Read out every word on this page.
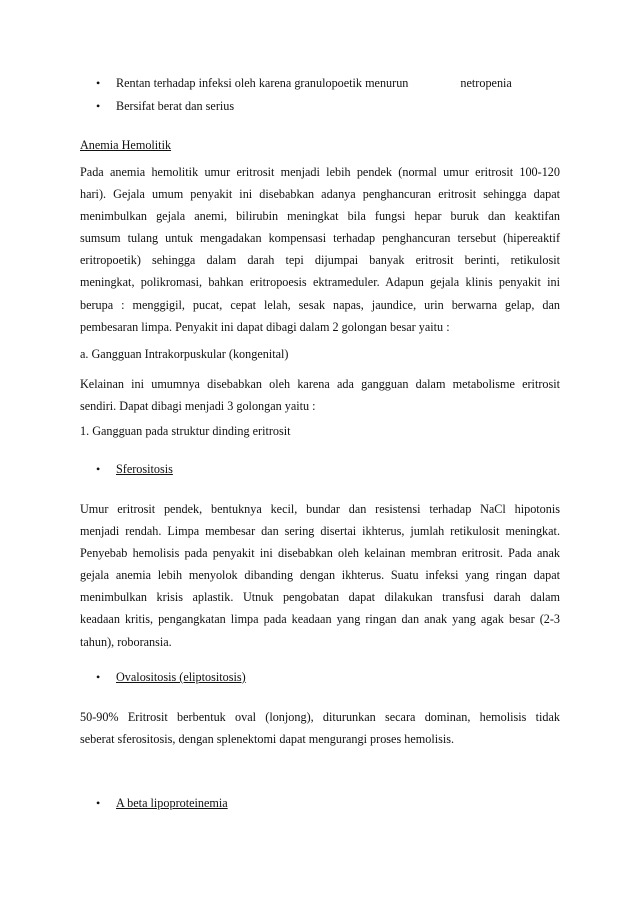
•Rentan terhadap infeksi oleh karena granulopoetik menurun	netropenia
•Bersifat berat dan serius

Anemia Hemolitik

Pada anemia hemolitik umur eritrosit menjadi lebih pendek (normal umur eritrosit 100-120

hari). Gejala umum penyakit ini disebabkan adanya penghancuran eritrosit sehingga dapat

menimbulkan gejala anemi, bilirubin meningkat bila fungsi hepar buruk dan keaktifan

sumsum tulang untuk mengadakan kompensasi terhadap penghancuran tersebut (hipereaktif

eritropoetik) sehingga dalam darah tepi dijumpai banyak eritrosit berinti, retikulosit

meningkat, polikromasi, bahkan eritropoesis ektrameduler. Adapun gejala klinis penyakit ini

berupa : menggigil, pucat, cepat lelah, sesak napas, jaundice, urin berwarna gelap, dan

pembesaran limpa. Penyakit ini dapat dibagi dalam 2 golongan besar yaitu :

a. Gangguan Intrakorpuskular (kongenital)

Kelainan ini umumnya disebabkan oleh karena ada gangguan dalam metabolisme eritrosit

sendiri. Dapat dibagi menjadi 3 golongan yaitu :

1. Gangguan pada struktur dinding eritrosit

•Sferositosis

Umur eritrosit pendek, bentuknya kecil, bundar dan resistensi terhadap NaCl hipotonis

menjadi rendah. Limpa membesar dan sering disertai ikhterus, jumlah retikulosit meningkat.

Penyebab hemolisis pada penyakit ini disebabkan oleh kelainan membran eritrosit. Pada anak

gejala anemia lebih menyolok dibanding dengan ikhterus. Suatu infeksi yang ringan dapat

menimbulkan krisis aplastik. Utnuk pengobatan dapat dilakukan transfusi darah dalam

keadaan kritis, pengangkatan limpa pada keadaan yang ringan dan anak yang agak besar (2-3

tahun), roboransia.

•Ovalositosis (eliptositosis)

50-90% Eritrosit berbentuk oval (lonjong), diturunkan secara dominan, hemolisis tidak

seberat sferositosis, dengan splenektomi dapat mengurangi proses hemolisis.

•A beta lipoproteinemia
